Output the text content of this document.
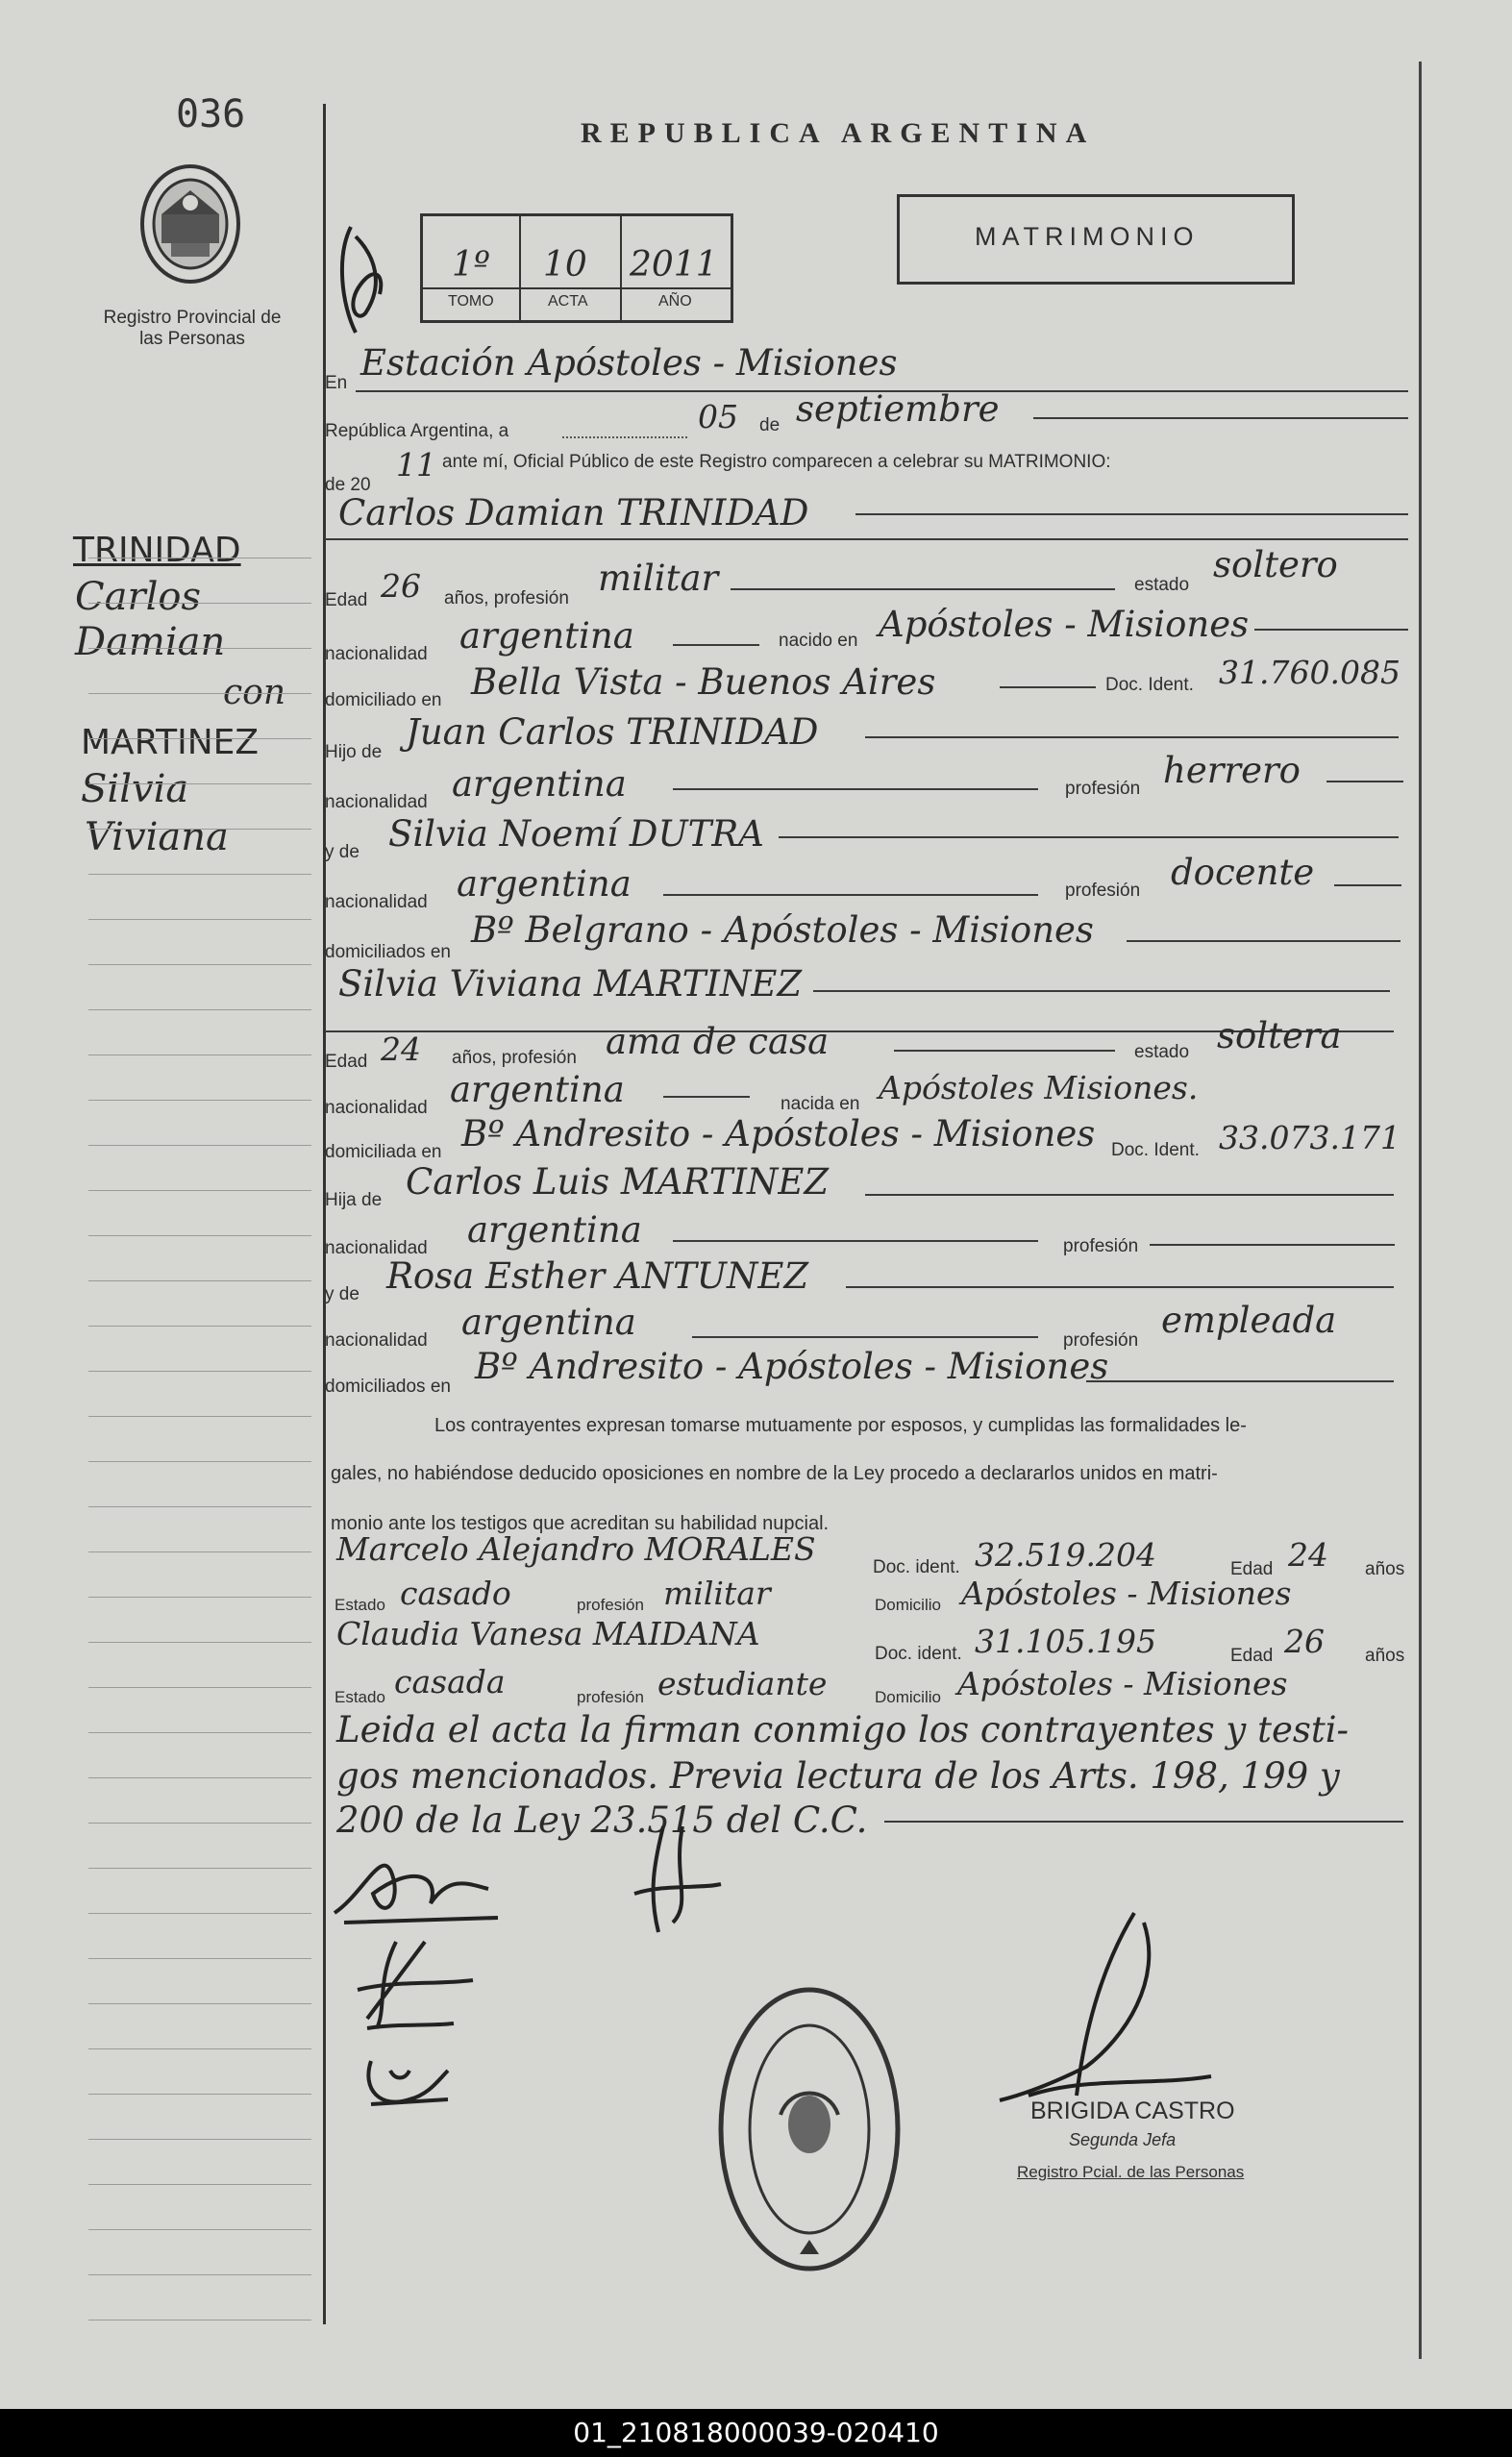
036
Registro Provincial de las Personas
TRINIDAD
Carlos
Damian
con
MARTINEZ
Silvia
Viviana
REPUBLICA ARGENTINA
1º 10 2011
TOMO	ACTA	AÑO
MATRIMONIO
En Estación Apóstoles - Misiones
República Argentina, a	05 de septiembre
de 20
11 ante mí, Oficial Público de este Registro comparecen a celebrar su MATRIMONIO:
Carlos Damian TRINIDAD
Edad 26 años, profesión militar	estado soltero
nacionalidad argentina	nacido en Apóstoles - Misiones
domiciliado en Bella Vista - Buenos Aires	Doc. Ident. 31.760.085
Hijo de Juan Carlos TRINIDAD
nacionalidad argentina	profesión herrero
y de Silvia Noemí DUTRA
nacionalidad argentina	profesión docente
domiciliados en
Bº Belgrano - Apóstoles - Misiones
Silvia Viviana MARTINEZ
Edad 24 años, profesión ama de casa	estado soltera
nacionalidad argentina	nacida en Apóstoles Misiones.
domiciliada en Bº Andresito - Apóstoles - Misiones Doc. Ident. 33.073.171
Hija de Carlos Luis MARTINEZ
nacionalidad argentina	profesión
y de Rosa Esther ANTUNEZ
nacionalidad argentina	profesión empleada
domiciliados en Bº Andresito - Apóstoles - Misiones
Los contrayentes expresan tomarse mutuamente por esposos, y cumplidas las formalidades le-
gales, no habiéndose deducido oposiciones en nombre de la Ley procedo a declararlos unidos en matri-
monio ante los testigos que acreditan su habilidad nupcial.
Marcelo Alejandro MORALES	Doc. ident. 32.519.204	Edad 24 años
Estado casado	profesión militar	Domicilio Apóstoles - Misiones
Claudia Vanesa MAIDANA
Doc. ident. 31.105.195	Edad 26 años
Estado casada	profesión estudiante	Domicilio Apóstoles - Misiones
Leida el acta la firman conmigo los contrayentes y testi-
gos mencionados. Previa lectura de los Arts. 198, 199 y
200 de la Ley 23.515 del C.C.
BRIGIDA CASTRO
Segunda Jefa
Registro Pcial. de las Personas
01_210818000039-020410
